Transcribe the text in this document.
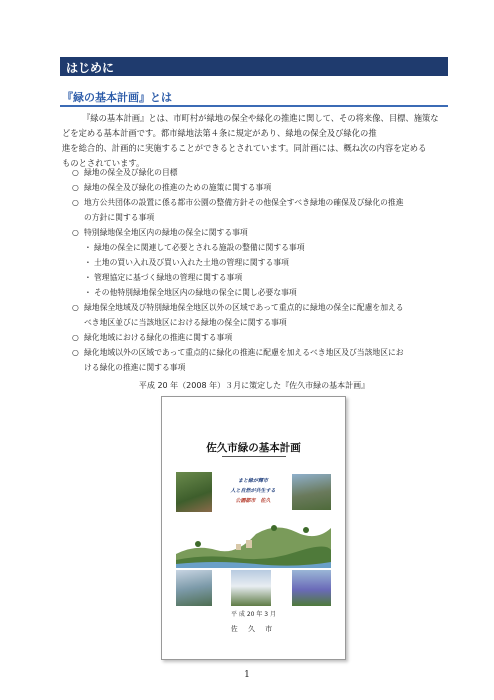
はじめに
『緑の基本計画』とは
『緑の基本計画』とは、市町村が緑地の保全や緑化の推進に関して、その将来像、目標、施策な
どを定める基本計画です。都市緑地法第４条に規定があり、緑地の保全及び緑化の推
進を総合的、計画的に実施することができるとされています。同計画には、概ね次の内容を定める
ものとされています。
○ 緑地の保全及び緑化の目標
○ 緑地の保全及び緑化の推進のための施策に関する事項
○ 地方公共団体の設置に係る都市公園の整備方針その他保全すべき緑地の確保及び緑化の推進
の方針に関する事項
○ 特別緑地保全地区内の緑地の保全に関する事項
・ 緑地の保全に関連して必要とされる施設の整備に関する事項
・ 土地の買い入れ及び買い入れた土地の管理に関する事項
・ 管理協定に基づく緑地の管理に関する事項
・ その他特別緑地保全地区内の緑地の保全に関し必要な事項
○ 緑地保全地域及び特別緑地保全地区以外の区域であって重点的に緑地の保全に配慮を加える
べき地区並びに当該地区における緑地の保全に関する事項
○ 緑化地域における緑化の推進に関する事項
○ 緑化地域以外の区域であって重点的に緑化の推進に配慮を加えるべき地区及び当該地区にお
ける緑化の推進に関する事項
平成 20 年（2008 年）３月に策定した『佐久市緑の基本計画』
佐久市緑の基本計画
まと緑が輝市
人と自然が共生する
公園都市　佐久
平 成 20 年 3 月
佐 久 市
1
